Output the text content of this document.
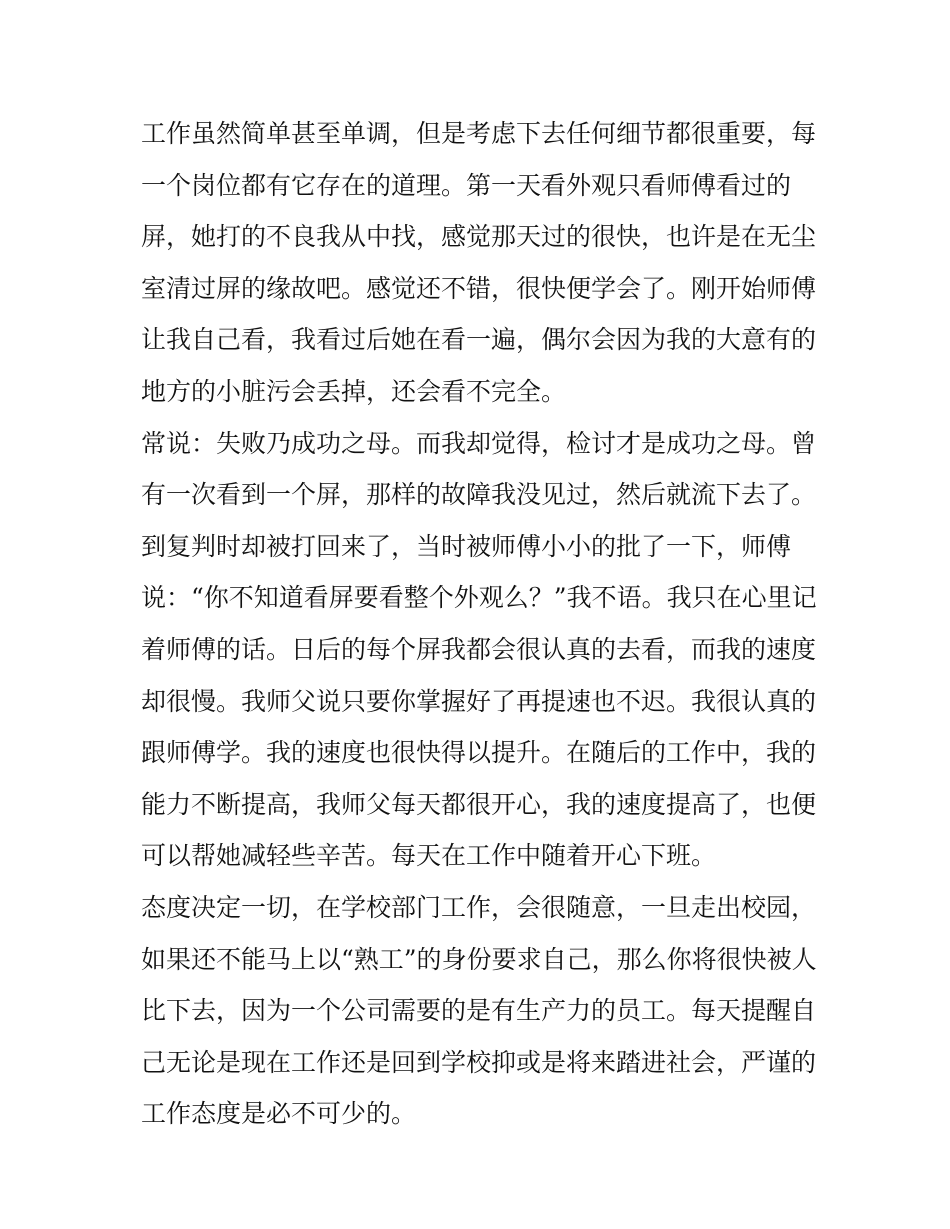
工作虽然简单甚至单调，但是考虑下去任何细节都很重要，每
一个岗位都有它存在的道理。第一天看外观只看师傅看过的
屏，她打的不良我从中找，感觉那天过的很快，也许是在无尘
室清过屏的缘故吧。感觉还不错，很快便学会了。刚开始师傅
让我自己看，我看过后她在看一遍，偶尔会因为我的大意有的
地方的小脏污会丢掉，还会看不完全。
常说：失败乃成功之母。而我却觉得，检讨才是成功之母。曾
有一次看到一个屏，那样的故障我没见过，然后就流下去了。
到复判时却被打回来了，当时被师傅小小的批了一下，师傅
说：“你不知道看屏要看整个外观么？”我不语。我只在心里记
着师傅的话。日后的每个屏我都会很认真的去看，而我的速度
却很慢。我师父说只要你掌握好了再提速也不迟。我很认真的
跟师傅学。我的速度也很快得以提升。在随后的工作中，我的
能力不断提高，我师父每天都很开心，我的速度提高了，也便
可以帮她减轻些辛苦。每天在工作中随着开心下班。
态度决定一切，在学校部门工作，会很随意，一旦走出校园，
如果还不能马上以“熟工”的身份要求自己，那么你将很快被人
比下去，因为一个公司需要的是有生产力的员工。每天提醒自
己无论是现在工作还是回到学校抑或是将来踏进社会，严谨的
工作态度是必不可少的。
